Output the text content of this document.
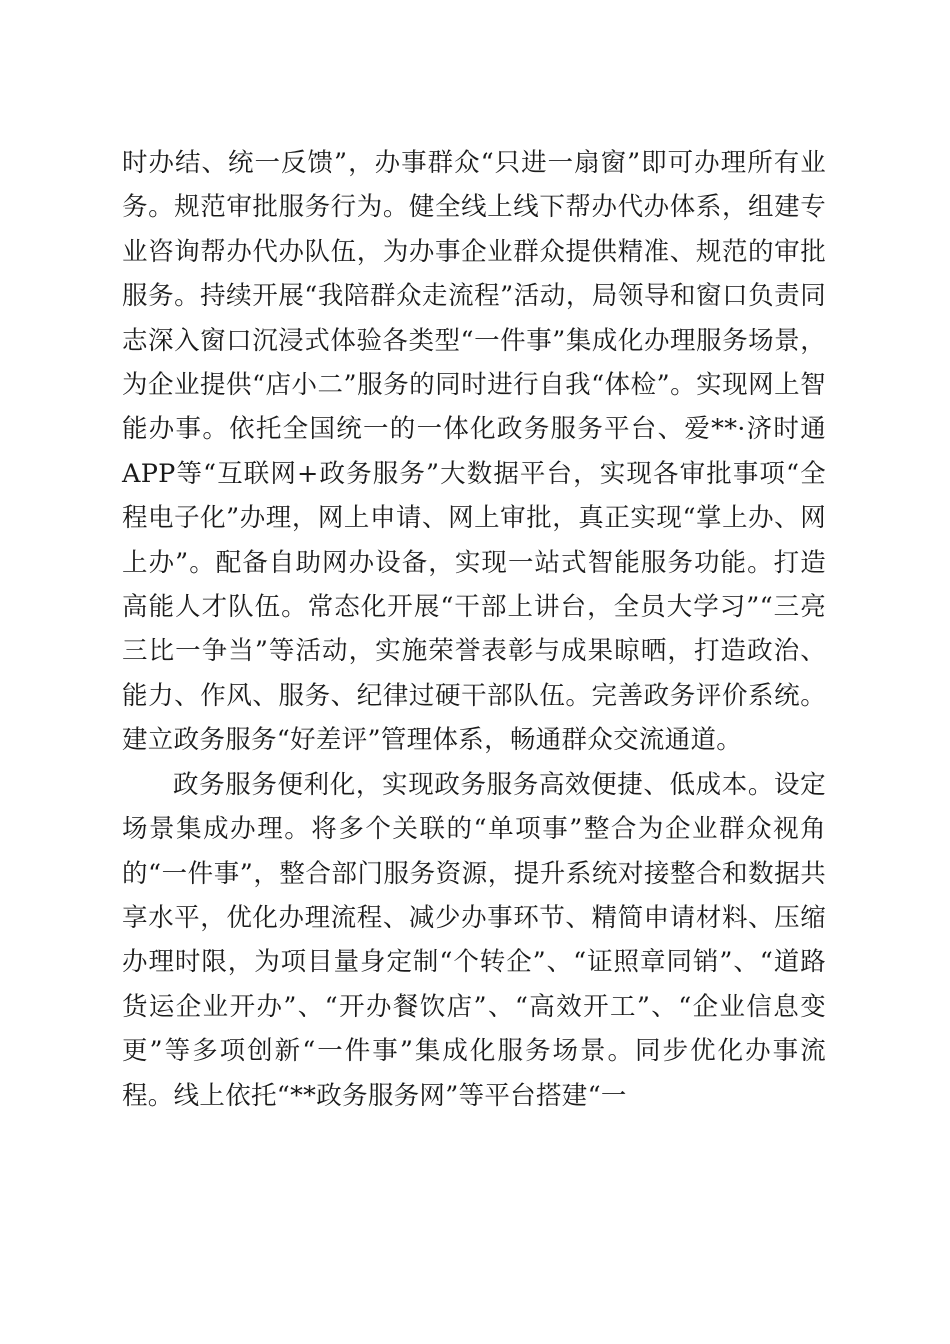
时办结、统一反馈”，办事群众“只进一扇窗”即可办理所有业务。规范审批服务行为。健全线上线下帮办代办体系，组建专业咨询帮办代办队伍，为办事企业群众提供精准、规范的审批服务。持续开展“我陪群众走流程”活动，局领导和窗口负责同志深入窗口沉浸式体验各类型“一件事”集成化办理服务场景，为企业提供“店小二”服务的同时进行自我“体检”。实现网上智能办事。依托全国统一的一体化政务服务平台、爱**·济时通APP等“互联网+政务服务”大数据平台，实现各审批事项“全程电子化”办理，网上申请、网上审批，真正实现“掌上办、网上办”。配备自助网办设备，实现一站式智能服务功能。打造高能人才队伍。常态化开展“干部上讲台，全员大学习”“三亮三比一争当”等活动，实施荣誉表彰与成果晾晒，打造政治、能力、作风、服务、纪律过硬干部队伍。完善政务评价系统。建立政务服务“好差评”管理体系，畅通群众交流通道。

政务服务便利化，实现政务服务高效便捷、低成本。设定场景集成办理。将多个关联的“单项事”整合为企业群众视角的“一件事”，整合部门服务资源，提升系统对接整合和数据共享水平，优化办理流程、减少办事环节、精简申请材料、压缩办理时限，为项目量身定制“个转企”、“证照章同销”、“道路货运企业开办”、“开办餐饮店”、“高效开工”、“企业信息变更”等多项创新“一件事”集成化服务场景。同步优化办事流程。线上依托“**政务服务网”等平台搭建“一
